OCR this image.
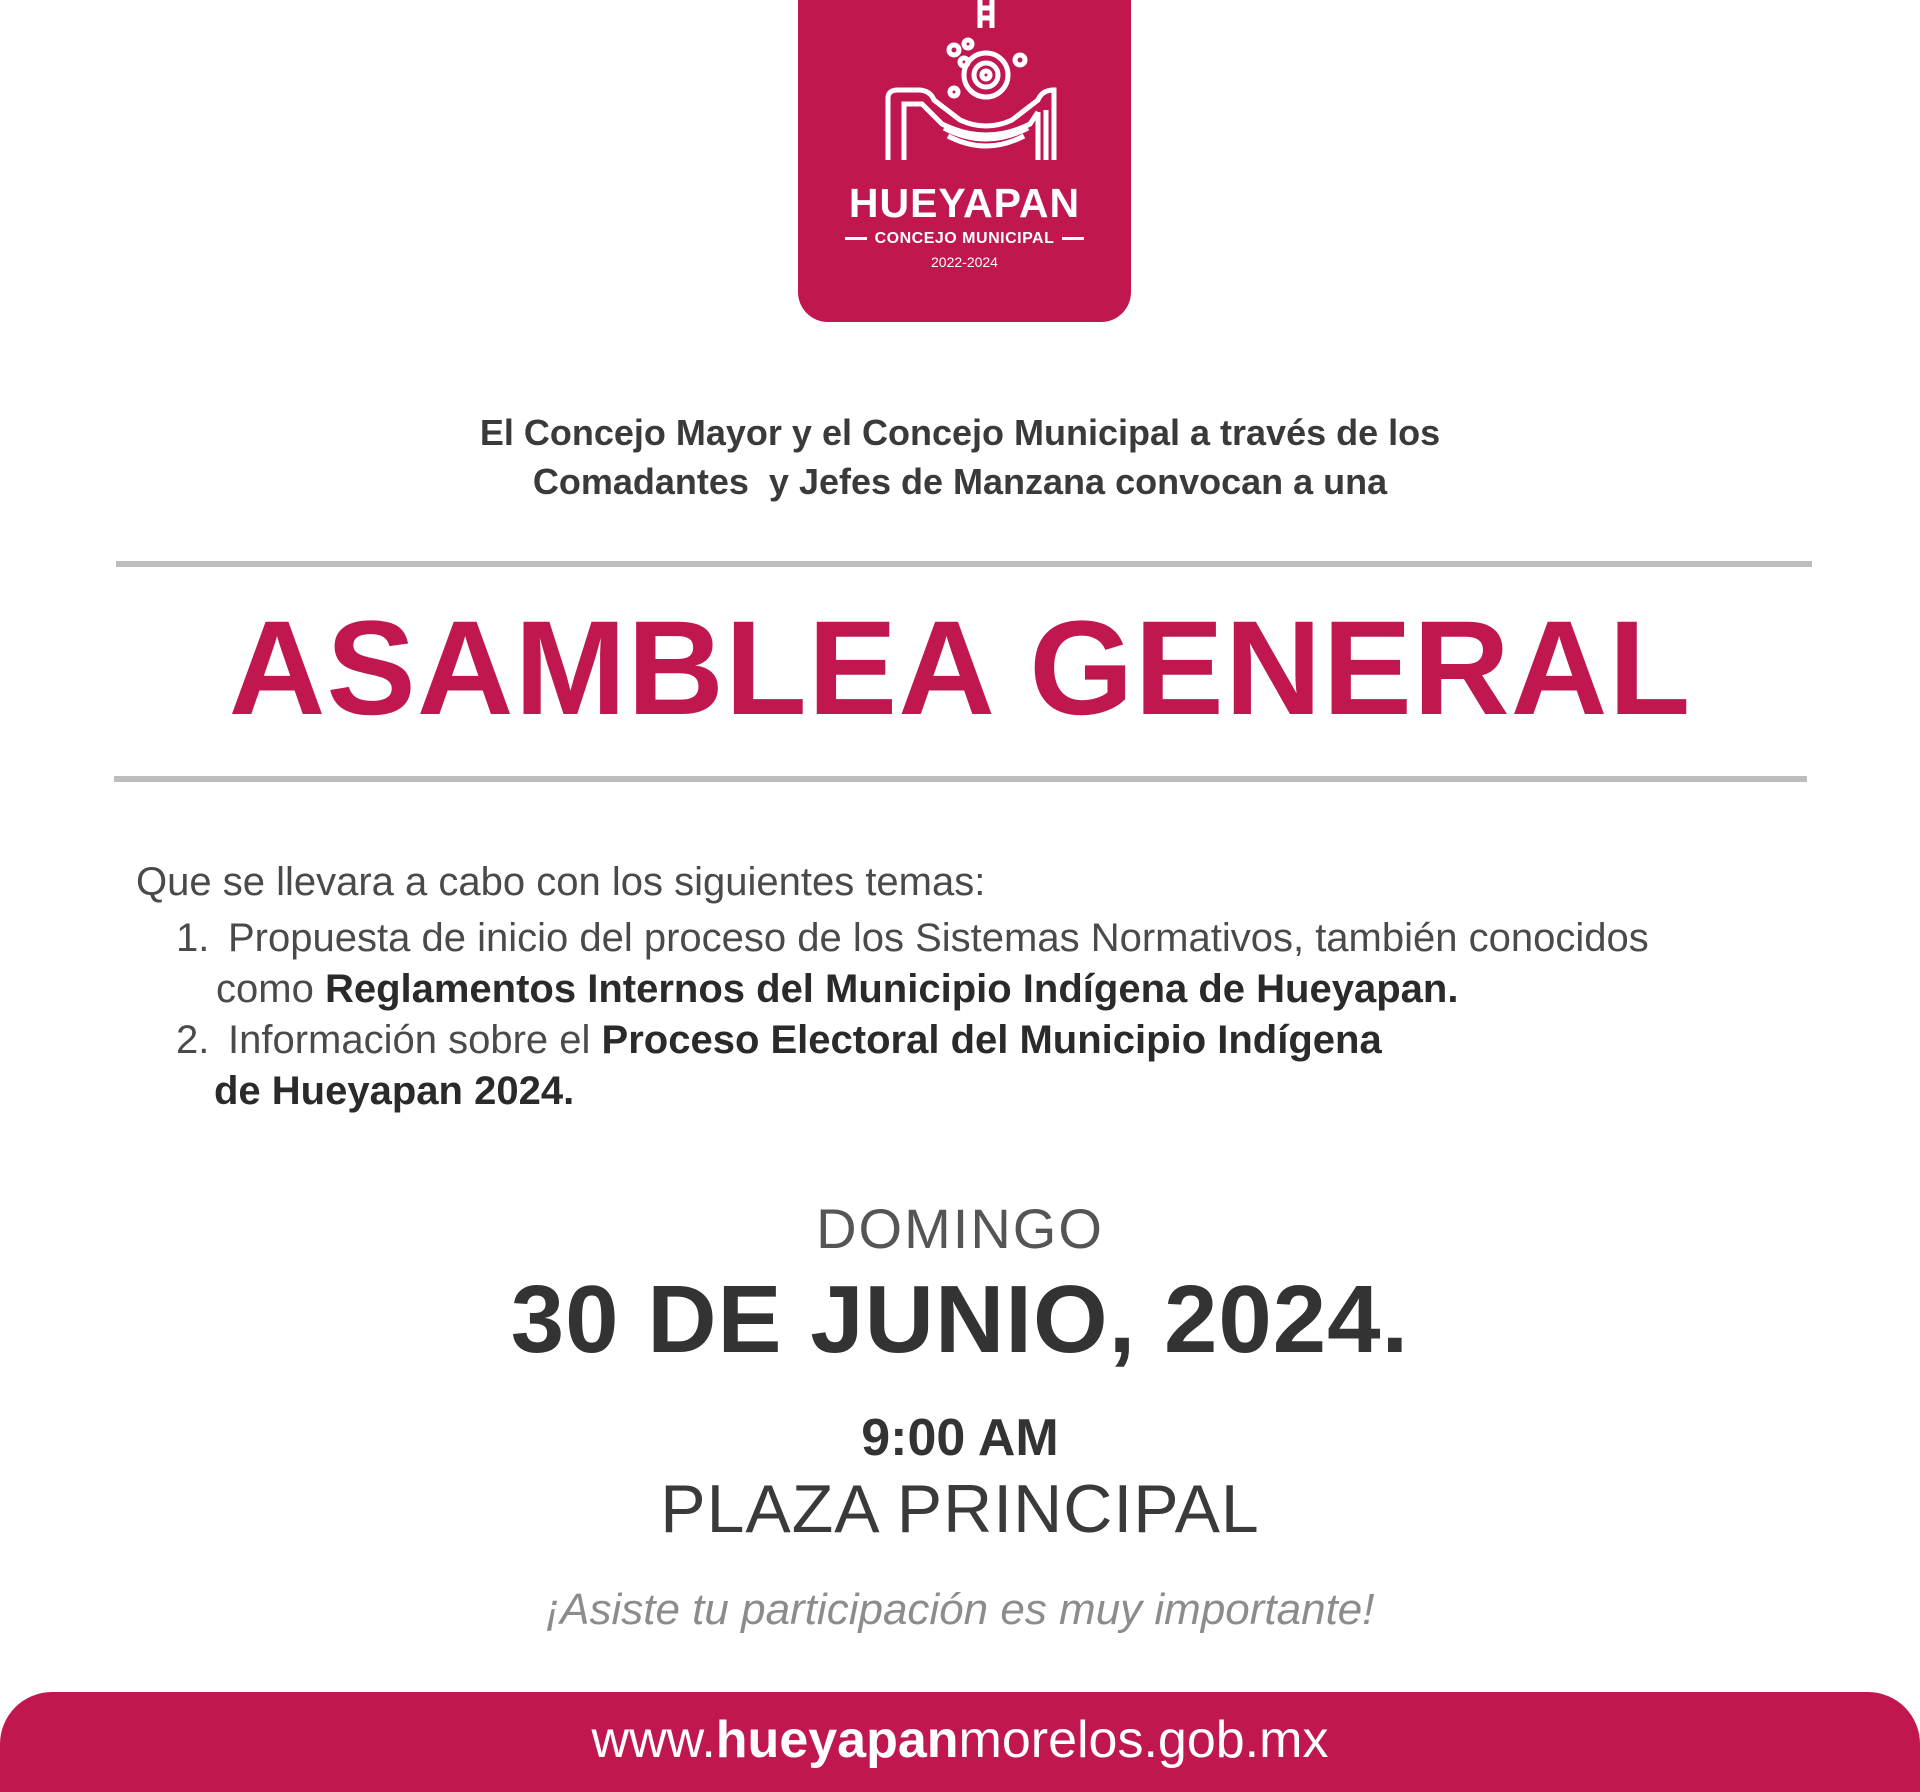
HUEYAPAN
CONCEJO MUNICIPAL
2022-2024
El Concejo Mayor y el Concejo Municipal a través de los
Comadantes  y Jefes de Manzana convocan a una
ASAMBLEA GENERAL
Que se llevara a cabo con los siguientes temas:
1. Propuesta de inicio del proceso de los Sistemas Normativos, también conocidos
como Reglamentos Internos del Municipio Indígena de Hueyapan.
2. Información sobre el Proceso Electoral del Municipio Indígena
de Hueyapan 2024.
DOMINGO
30 DE JUNIO, 2024.
9:00 AM
PLAZA PRINCIPAL
¡Asiste tu participación es muy importante!
www.hueyapanmorelos.gob.mx
